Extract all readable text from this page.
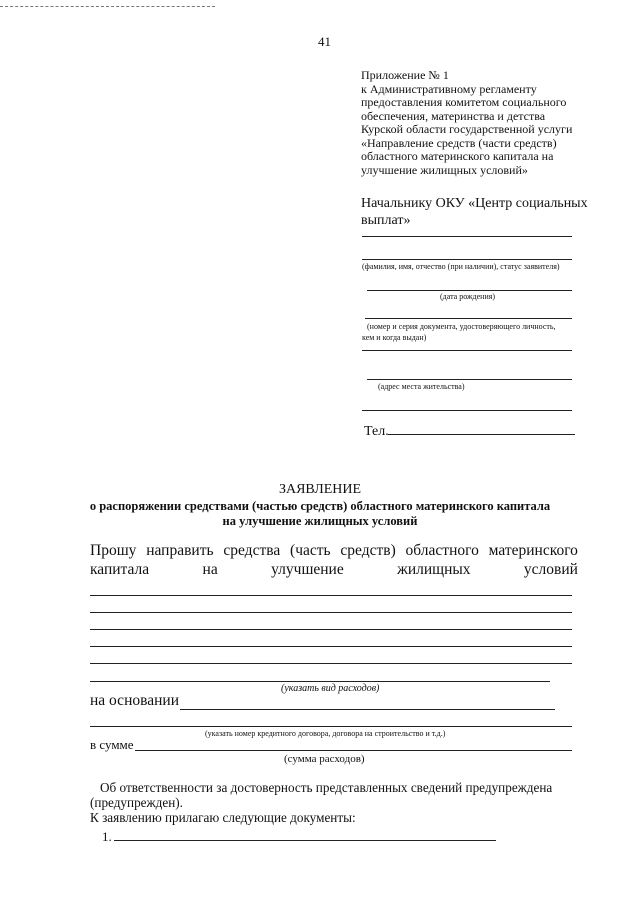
41
Приложение № 1
к Административному регламенту
предоставления комитетом социального
обеспечения, материнства и детства
Курской области государственной услуги
«Направление средств (части средств)
областного материнского капитала на
улучшение жилищных условий»
Начальнику ОКУ «Центр социальных
выплат»
(фамилия, имя, отчество (при наличии), статус заявителя)
(дата рождения)
(номер и серия документа, удостоверяющего личность,
кем и когда выдан)
(адрес места жительства)
Тел.
ЗАЯВЛЕНИЕ
о распоряжении средствами (частью средств) областного материнского капитала
на улучшение жилищных условий
Прошу направить средства (часть средств) областного материнского
капитала	на	улучшение	жилищных	условий
(указать вид расходов)
на основании
(указать номер кредитного договора, договора на строительство и т.д.)
в сумме
(сумма расходов)
Об ответственности за достоверность представленных сведений предупреждена
(предупрежден).
К заявлению прилагаю следующие документы:
1.
